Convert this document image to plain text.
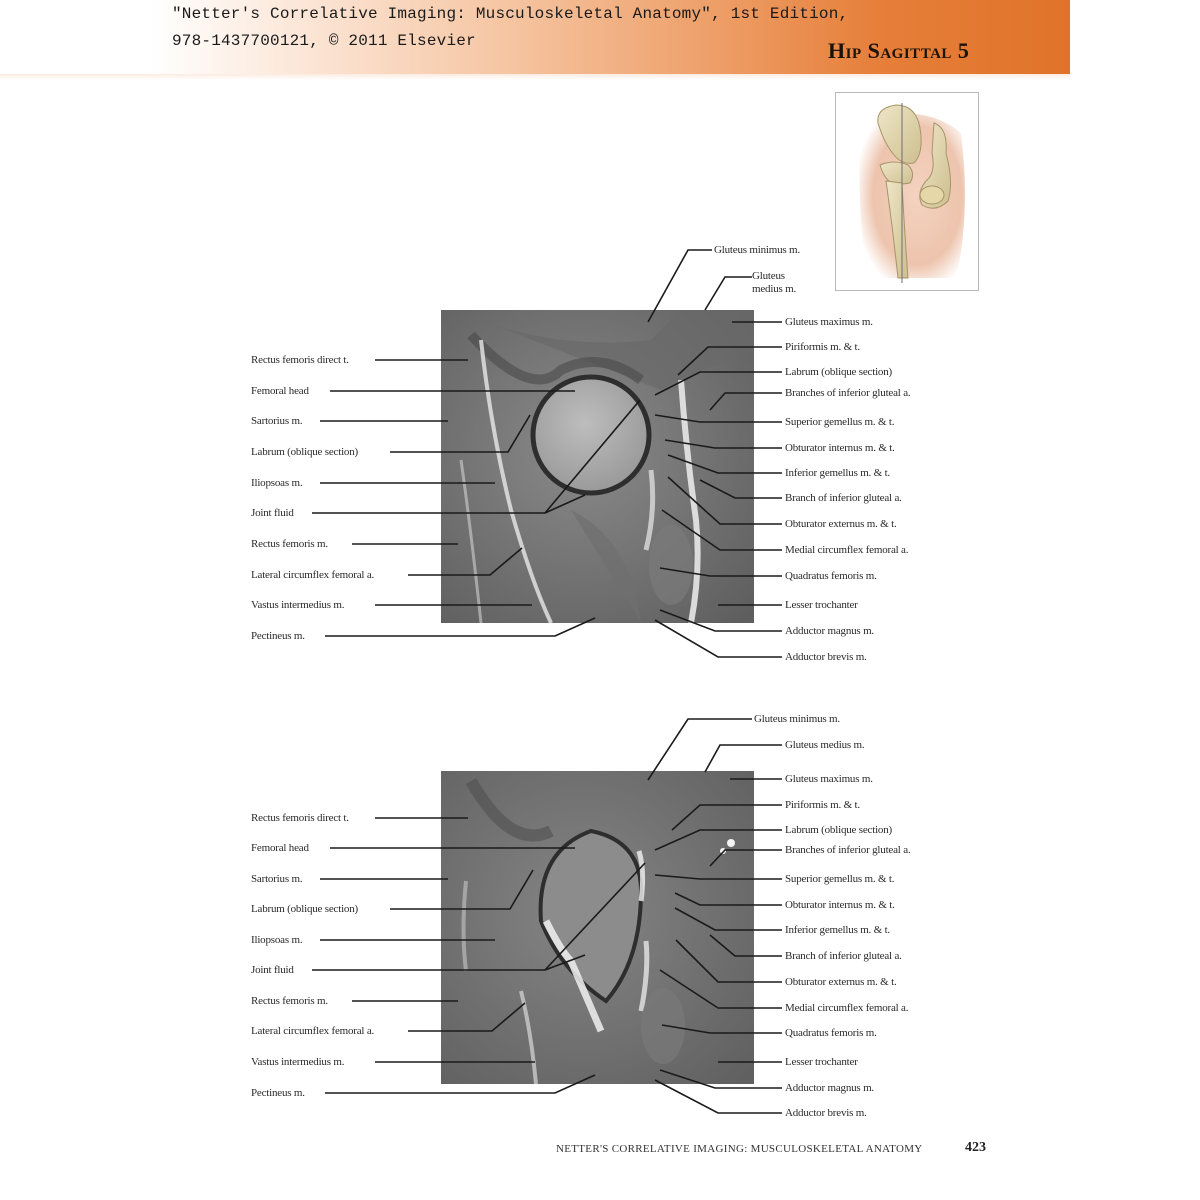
"Netter's Correlative Imaging: Musculoskeletal Anatomy", 1st Edition,
978-1437700121, © 2011 Elsevier	Hip Sagittal 5
Rectus femoris direct t.
Femoral head
Sartorius m.
Labrum (oblique section)
Iliopsoas m.
Joint fluid
Rectus femoris m.
Lateral circumflex femoral a.
Vastus intermedius m.
Pectineus m.
Gluteus minimus m.
Gluteus medius m.
Gluteus maximus m.
Piriformis m. & t.
Labrum (oblique section)
Branches of inferior gluteal a.
Superior gemellus m. & t.
Obturator internus m. & t.
Inferior gemellus m. & t.
Branch of inferior gluteal a.
Obturator externus m. & t.
Medial circumflex femoral a.
Quadratus femoris m.
Lesser trochanter
Adductor magnus m.
Adductor brevis m.
Rectus femoris direct t.
Femoral head
Sartorius m.
Labrum (oblique section)
Iliopsoas m.
Joint fluid
Rectus femoris m.
Lateral circumflex femoral a.
Vastus intermedius m.
Pectineus m.
Gluteus minimus m.
Gluteus medius m.
Gluteus maximus m.
Piriformis m. & t.
Labrum (oblique section)
Branches of inferior gluteal a.
Superior gemellus m. & t.
Obturator internus m. & t.
Inferior gemellus m. & t.
Branch of inferior gluteal a.
Obturator externus m. & t.
Medial circumflex femoral a.
Quadratus femoris m.
Lesser trochanter
Adductor magnus m.
Adductor brevis m.
NETTER'S CORRELATIVE IMAGING: MUSCULOSKELETAL ANATOMY	423
